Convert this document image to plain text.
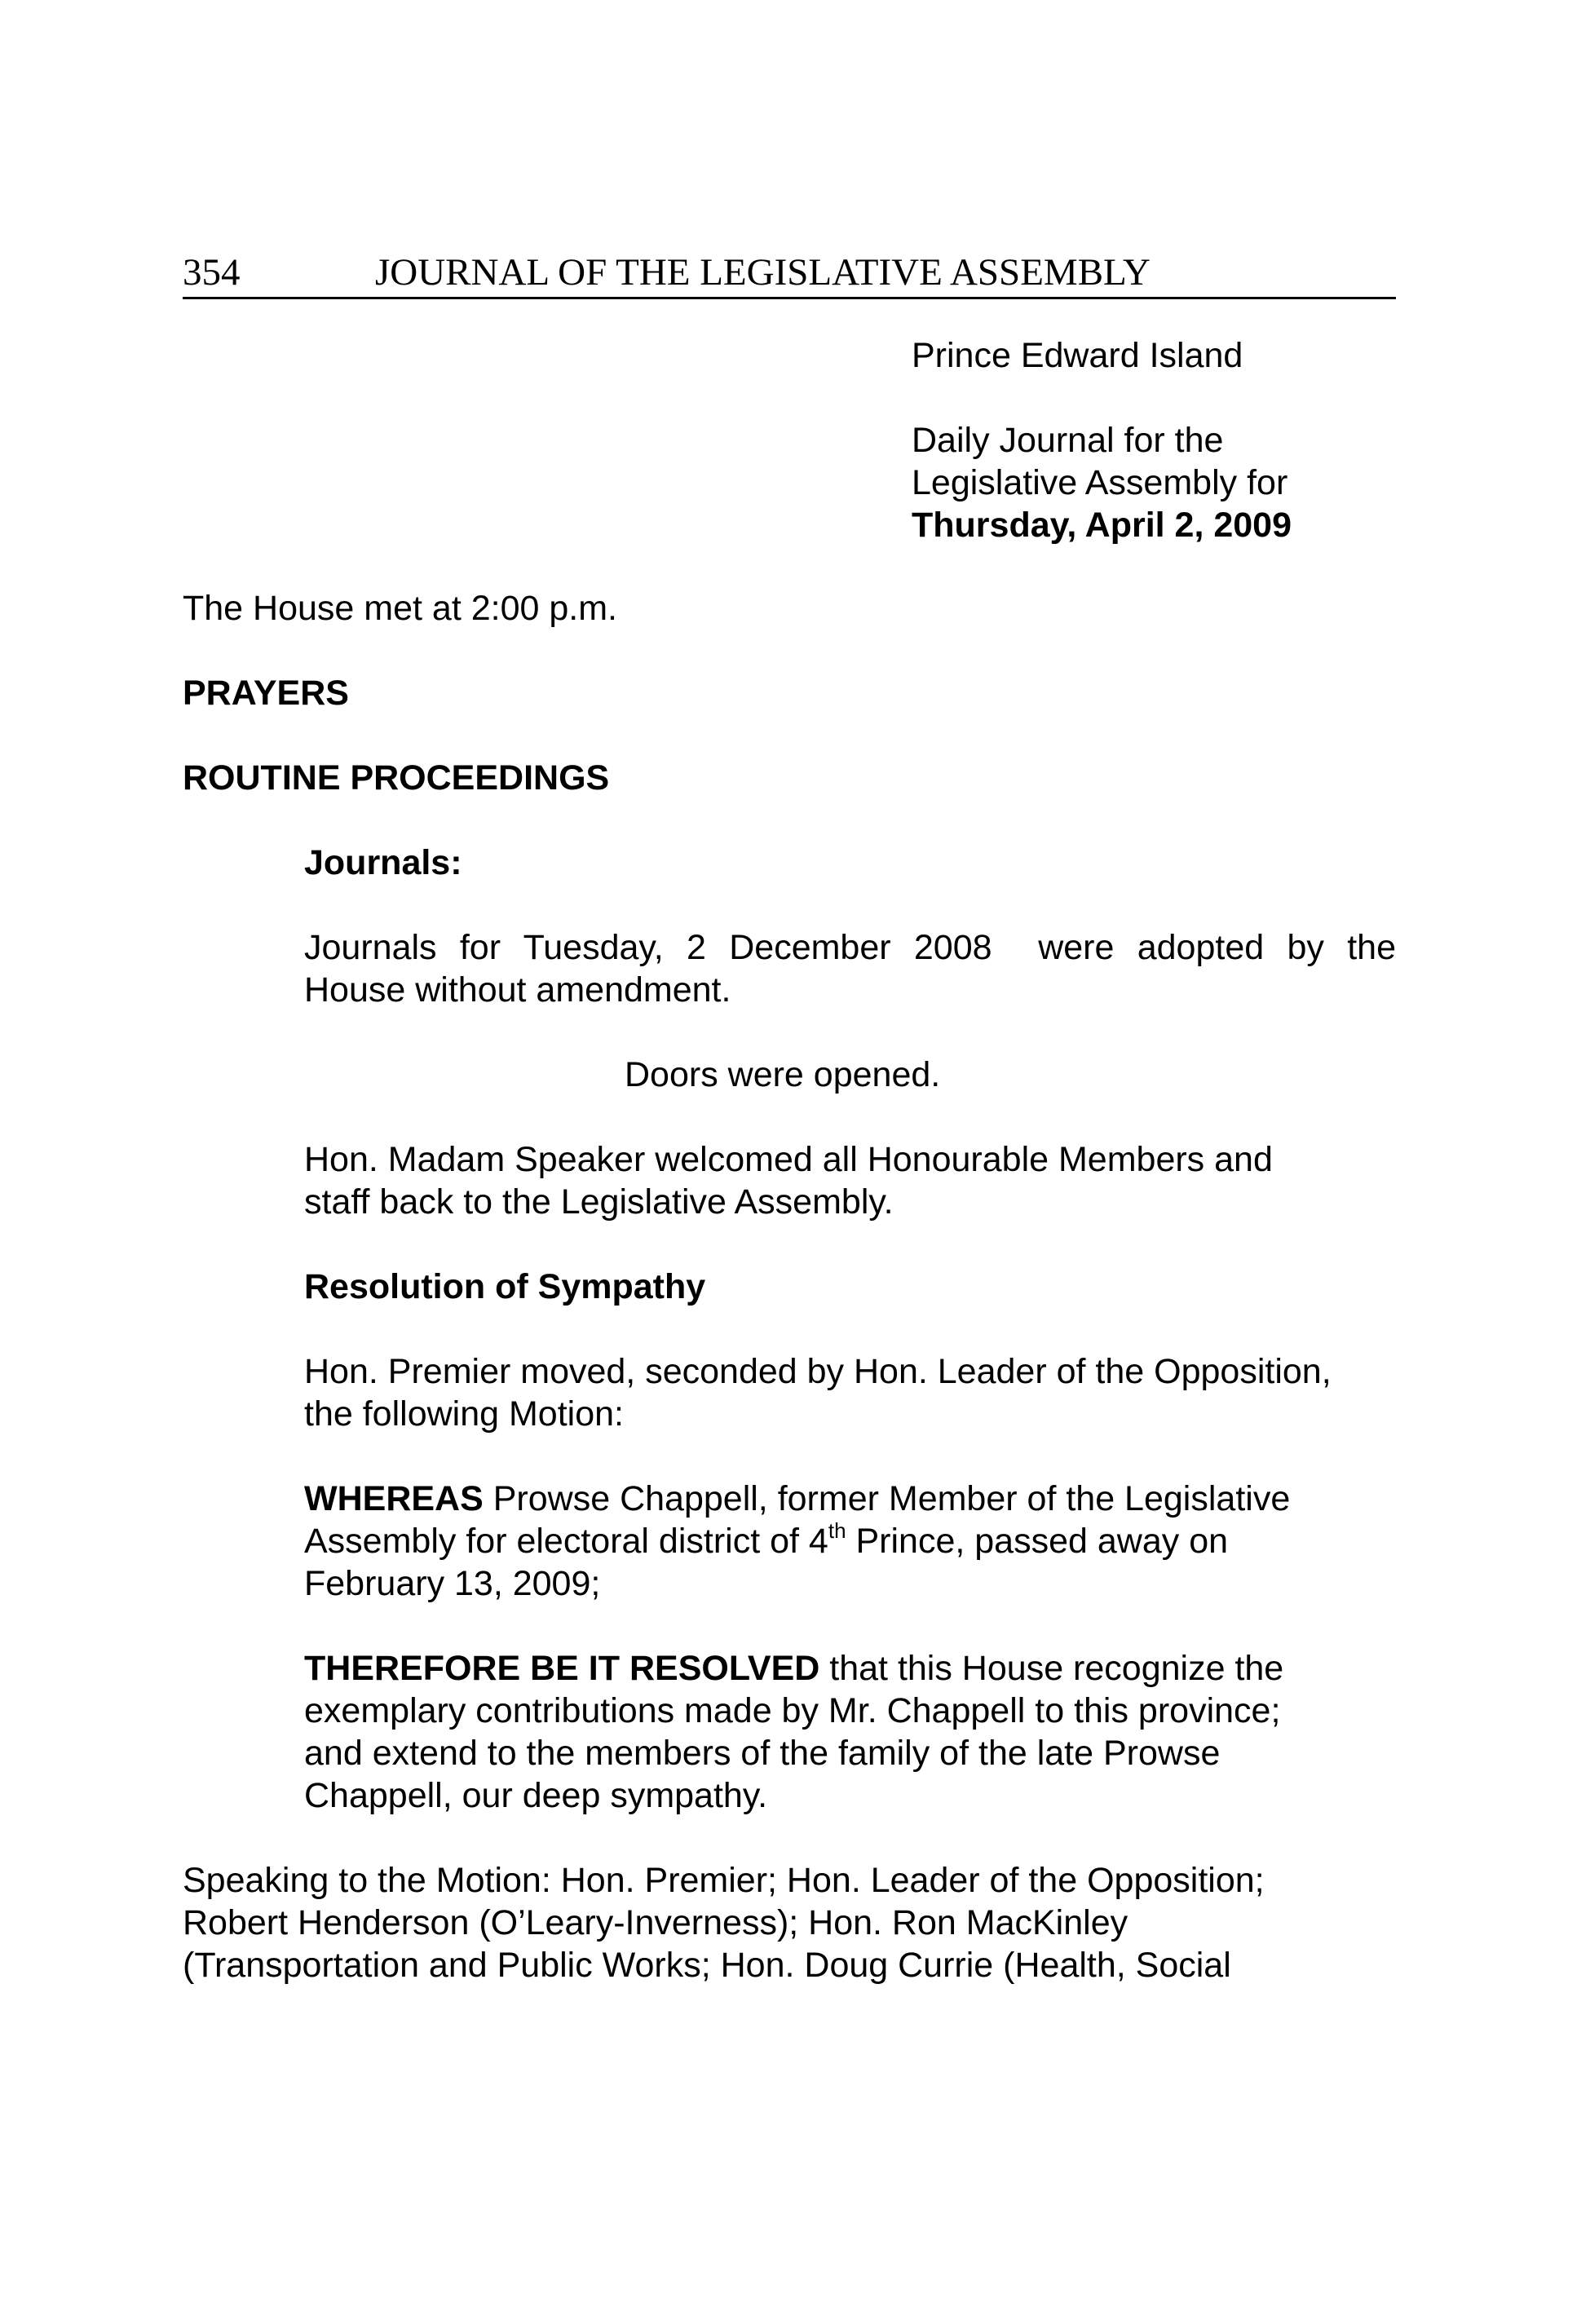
354	JOURNAL OF THE LEGISLATIVE ASSEMBLY
Prince Edward Island
Daily Journal for the
Legislative Assembly for
Thursday, April 2, 2009
The House met at 2:00 p.m.
PRAYERS
ROUTINE PROCEEDINGS
Journals:
Journals for Tuesday, 2 December 2008  were adopted by the
House without amendment.
Doors were opened.
Hon. Madam Speaker welcomed all Honourable Members and
staff back to the Legislative Assembly.
Resolution of Sympathy
Hon. Premier moved, seconded by Hon. Leader of the Opposition,
the following Motion:
WHEREAS Prowse Chappell, former Member of the Legislative
Assembly for electoral district of 4th Prince, passed away on
February 13, 2009;
THEREFORE BE IT RESOLVED that this House recognize the
exemplary contributions made by Mr. Chappell to this province;
and extend to the members of the family of the late Prowse
Chappell, our deep sympathy.
Speaking to the Motion: Hon. Premier; Hon. Leader of the Opposition;
Robert Henderson (O’Leary-Inverness); Hon. Ron MacKinley
(Transportation and Public Works; Hon. Doug Currie (Health, Social
